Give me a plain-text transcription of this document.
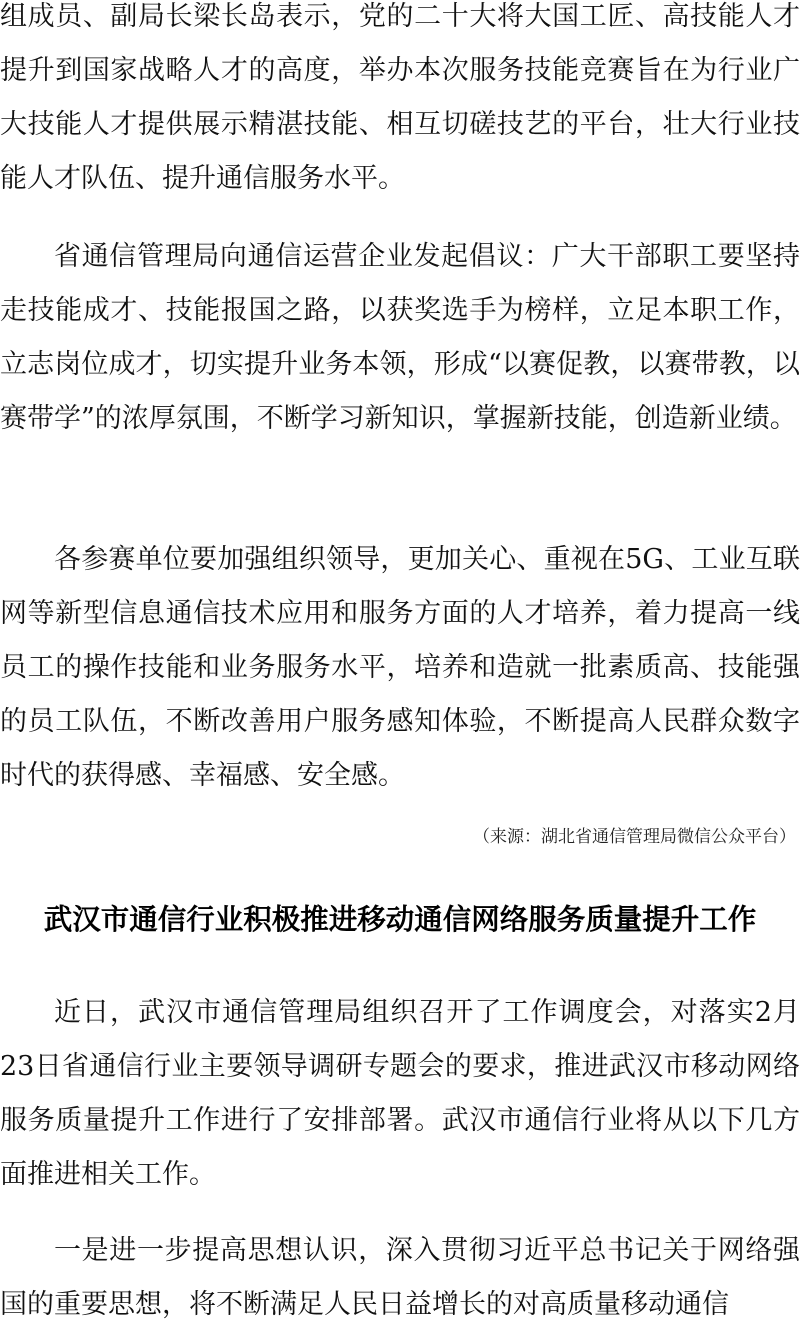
组成员、副局长梁长岛表示，党的二十大将大国工匠、高技能人才提升到国家战略人才的高度，举办本次服务技能竞赛旨在为行业广大技能人才提供展示精湛技能、相互切磋技艺的平台，壮大行业技能人才队伍、提升通信服务水平。

省通信管理局向通信运营企业发起倡议：广大干部职工要坚持走技能成才、技能报国之路，以获奖选手为榜样，立足本职工作，立志岗位成才，切实提升业务本领，形成“以赛促教，以赛带教，以赛带学”的浓厚氛围，不断学习新知识，掌握新技能，创造新业绩。

各参赛单位要加强组织领导，更加关心、重视在5G、工业互联网等新型信息通信技术应用和服务方面的人才培养，着力提高一线员工的操作技能和业务服务水平，培养和造就一批素质高、技能强的员工队伍，不断改善用户服务感知体验，不断提高人民群众数字时代的获得感、幸福感、安全感。

（来源：湖北省通信管理局微信公众平台）
武汉市通信行业积极推进移动通信网络服务质量提升工作

近日，武汉市通信管理局组织召开了工作调度会，对落实2月23日省通信行业主要领导调研专题会的要求，推进武汉市移动网络服务质量提升工作进行了安排部署。武汉市通信行业将从以下几方面推进相关工作。

一是进一步提高思想认识，深入贯彻习近平总书记关于网络强国的重要思想，将不断满足人民日益增长的对高质量移动通信
